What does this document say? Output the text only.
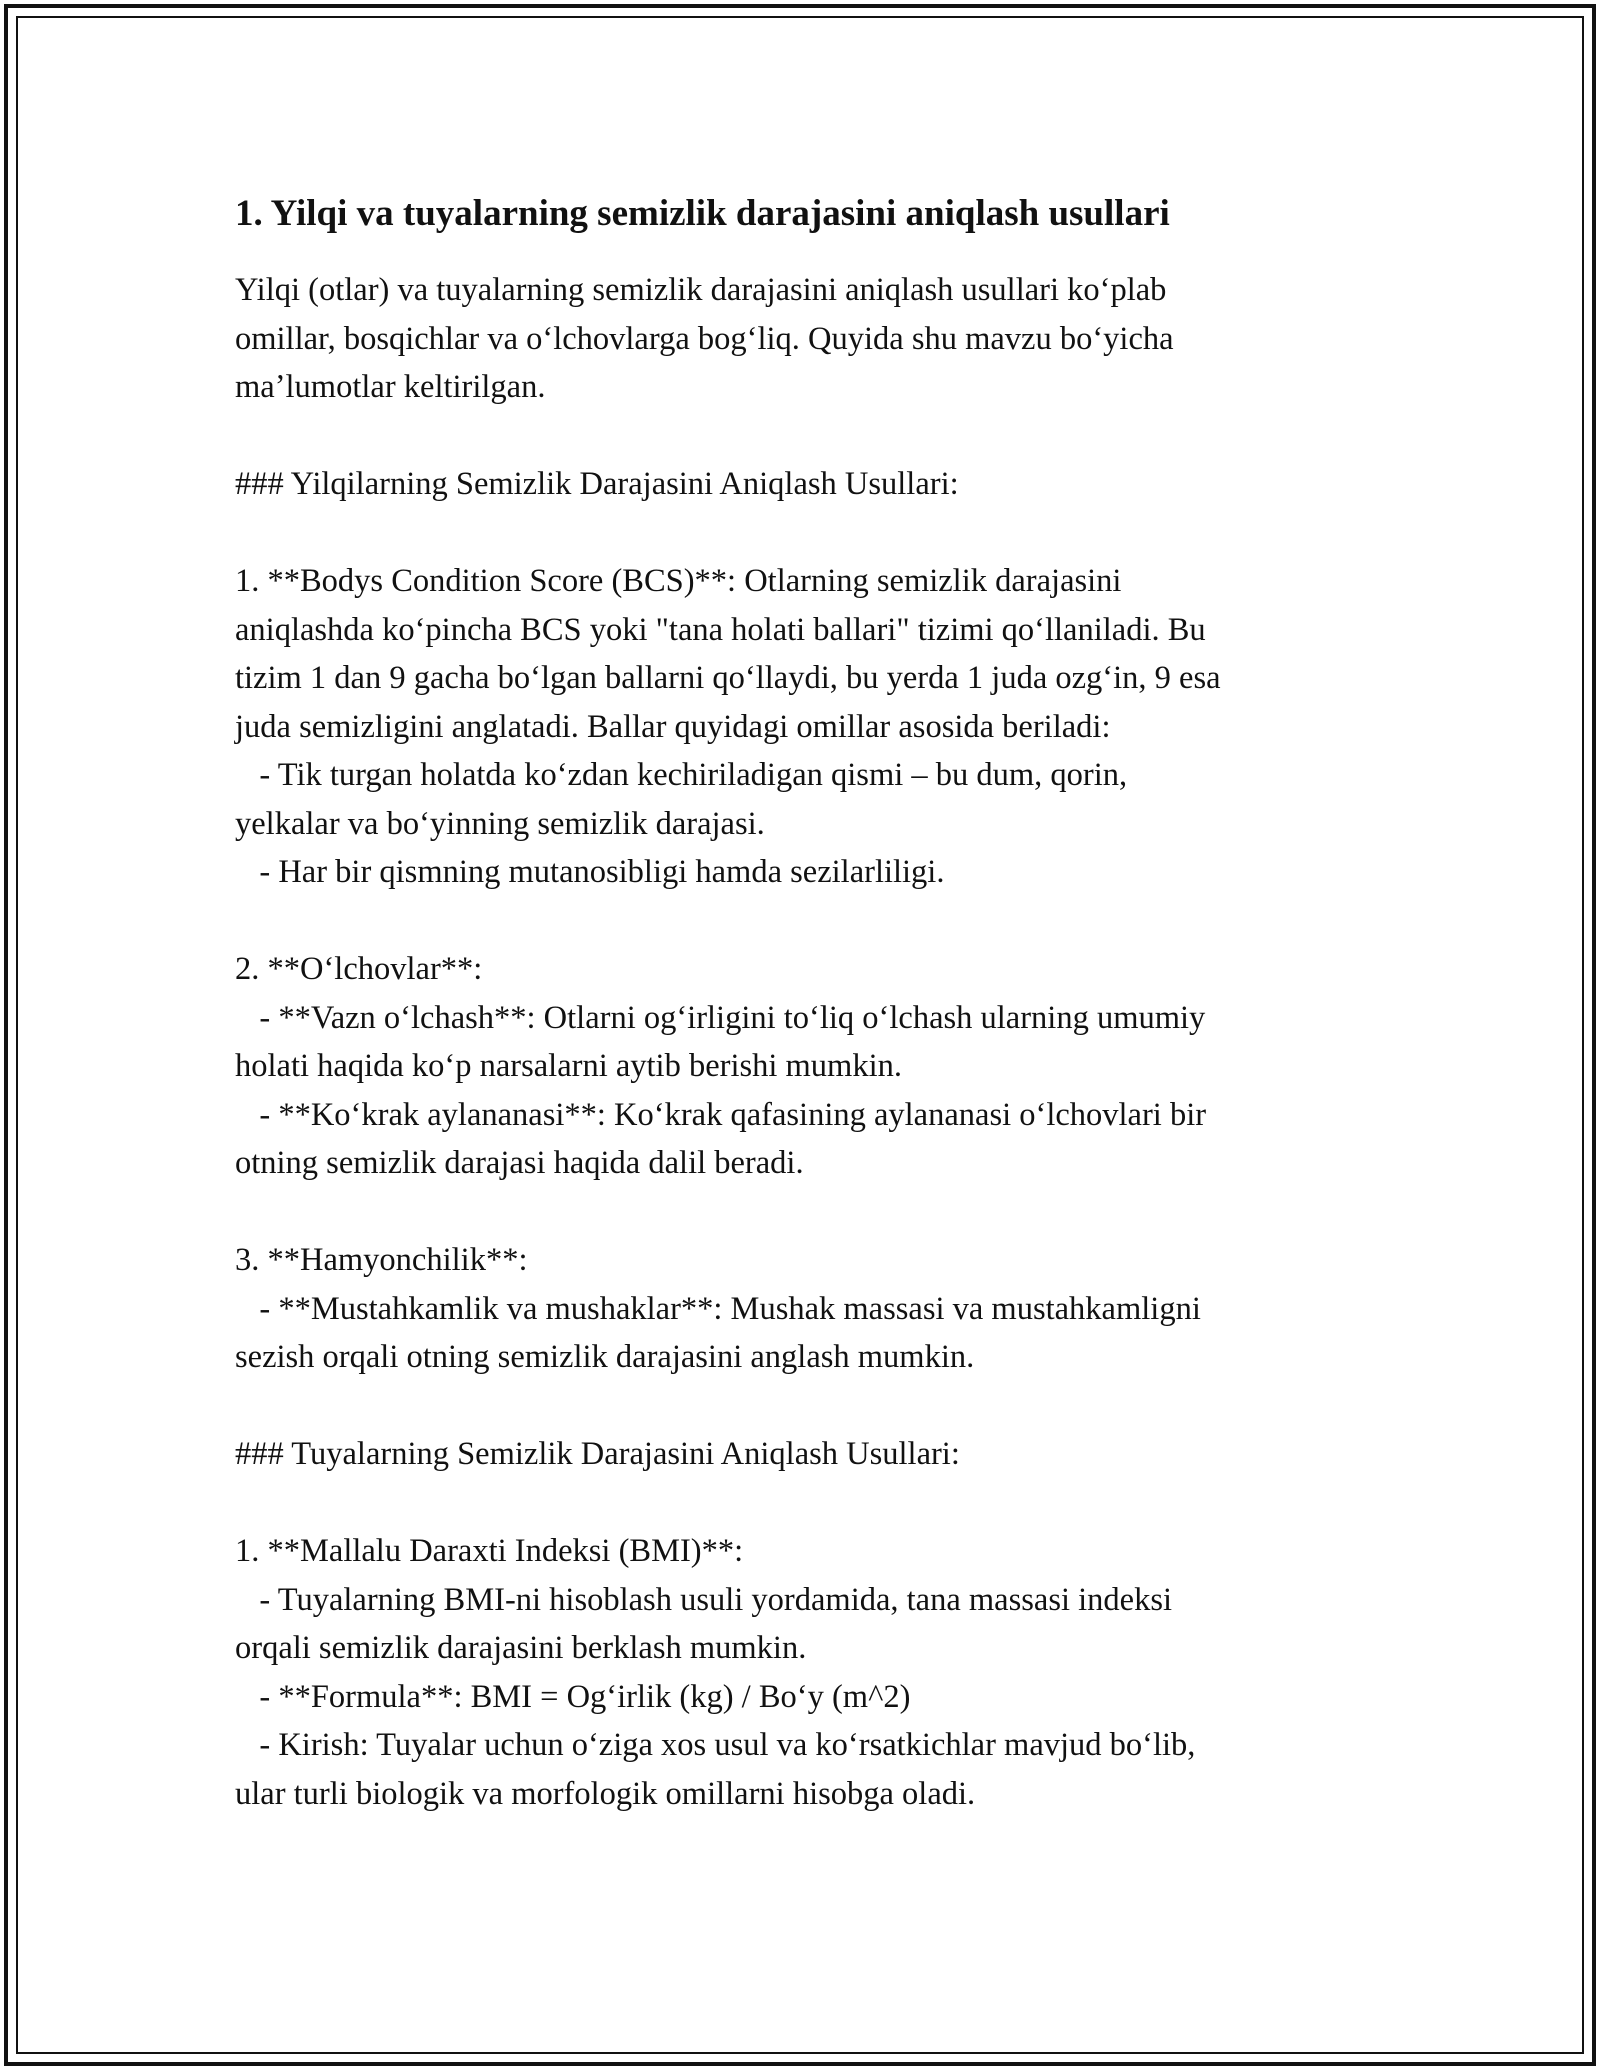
1. Yilqi va tuyalarning semizlik darajasini aniqlash usullari

Yilqi (otlar) va tuyalarning semizlik darajasini aniqlash usullari koʻplab

omillar, bosqichlar va oʻlchovlarga bogʻliq. Quyida shu mavzu boʻyicha

maʼlumotlar keltirilgan.

### Yilqilarning Semizlik Darajasini Aniqlash Usullari:

1. **Bodys Condition Score (BCS)**: Otlarning semizlik darajasini

aniqlashda koʻpincha BCS yoki "tana holati ballari" tizimi qoʻllaniladi. Bu

tizim 1 dan 9 gacha boʻlgan ballarni qoʻllaydi, bu yerda 1 juda ozgʻin, 9 esa

juda semizligini anglatadi. Ballar quyidagi omillar asosida beriladi:

- Tik turgan holatda koʻzdan kechiriladigan qismi – bu dum, qorin,

yelkalar va boʻyinning semizlik darajasi.

- Har bir qismning mutanosibligi hamda sezilarliligi.

2. **Oʻlchovlar**:

- **Vazn oʻlchash**: Otlarni ogʻirligini toʻliq oʻlchash ularning umumiy

holati haqida koʻp narsalarni aytib berishi mumkin.

- **Koʻkrak aylananasi**: Koʻkrak qafasining aylananasi oʻlchovlari bir

otning semizlik darajasi haqida dalil beradi.

3. **Hamyonchilik**:

- **Mustahkamlik va mushaklar**: Mushak massasi va mustahkamligni

sezish orqali otning semizlik darajasini anglash mumkin.

### Tuyalarning Semizlik Darajasini Aniqlash Usullari:

1. **Mallalu Daraxti Indeksi (BMI)**:

- Tuyalarning BMI-ni hisoblash usuli yordamida, tana massasi indeksi

orqali semizlik darajasini berklash mumkin.

- **Formula**: BMI = Ogʻirlik (kg) / Boʻy (m^2)

- Kirish: Tuyalar uchun oʻziga xos usul va koʻrsatkichlar mavjud boʻlib,

ular turli biologik va morfologik omillarni hisobga oladi.
